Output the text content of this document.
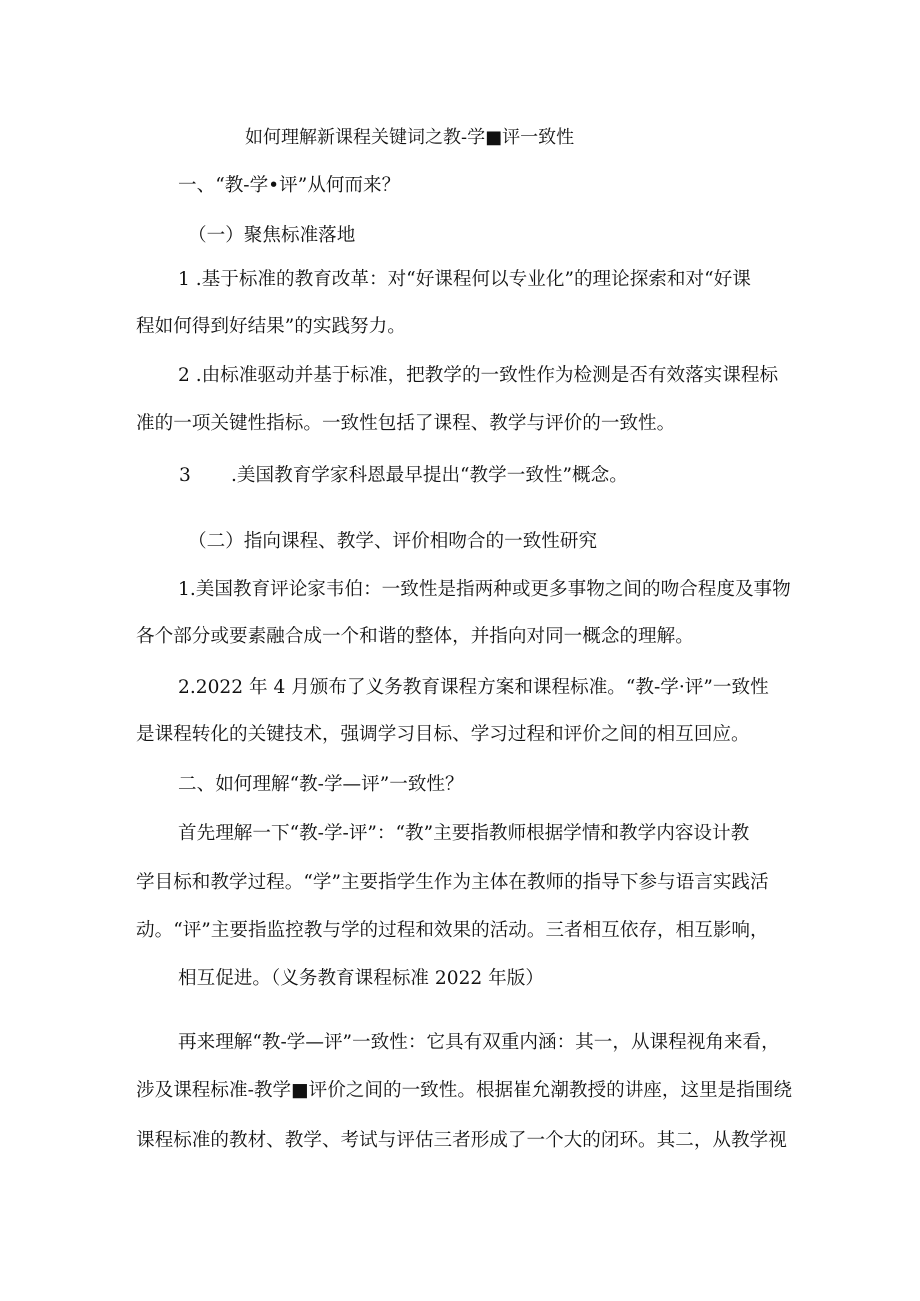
如何理解新课程关键词之教-学■评一致性
一、“教-学•评”从何而来？
（一）聚焦标准落地
1 .基于标准的教育改革：对“好课程何以专业化”的理论探索和对“好课
程如何得到好结果”的实践努力。
2 .由标准驱动并基于标准，把教学的一致性作为检测是否有效落实课程标
准的一项关键性指标。一致性包括了课程、教学与评价的一致性。
3 .美国教育学家科恩最早提出“教学一致性”概念。
（二）指向课程、教学、评价相吻合的一致性研究
1.美国教育评论家韦伯：一致性是指两种或更多事物之间的吻合程度及事物
各个部分或要素融合成一个和谐的整体，并指向对同一概念的理解。
2.2022 年 4 月颁布了义务教育课程方案和课程标准。“教-学·评”一致性
是课程转化的关键技术，强调学习目标、学习过程和评价之间的相互回应。
二、如何理解“教-学—评”一致性？
首先理解一下“教-学-评”：“教”主要指教师根据学情和教学内容设计教
学目标和教学过程。“学”主要指学生作为主体在教师的指导下参与语言实践活
动。“评”主要指监控教与学的过程和效果的活动。三者相互依存，相互影响，
相互促进。（义务教育课程标准 2022 年版）
再来理解“教-学—评”一致性：它具有双重内涵：其一，从课程视角来看，
涉及课程标准-教学■评价之间的一致性。根据崔允潮教授的讲座，这里是指围绕
课程标准的教材、教学、考试与评估三者形成了一个大的闭环。其二，从教学视
